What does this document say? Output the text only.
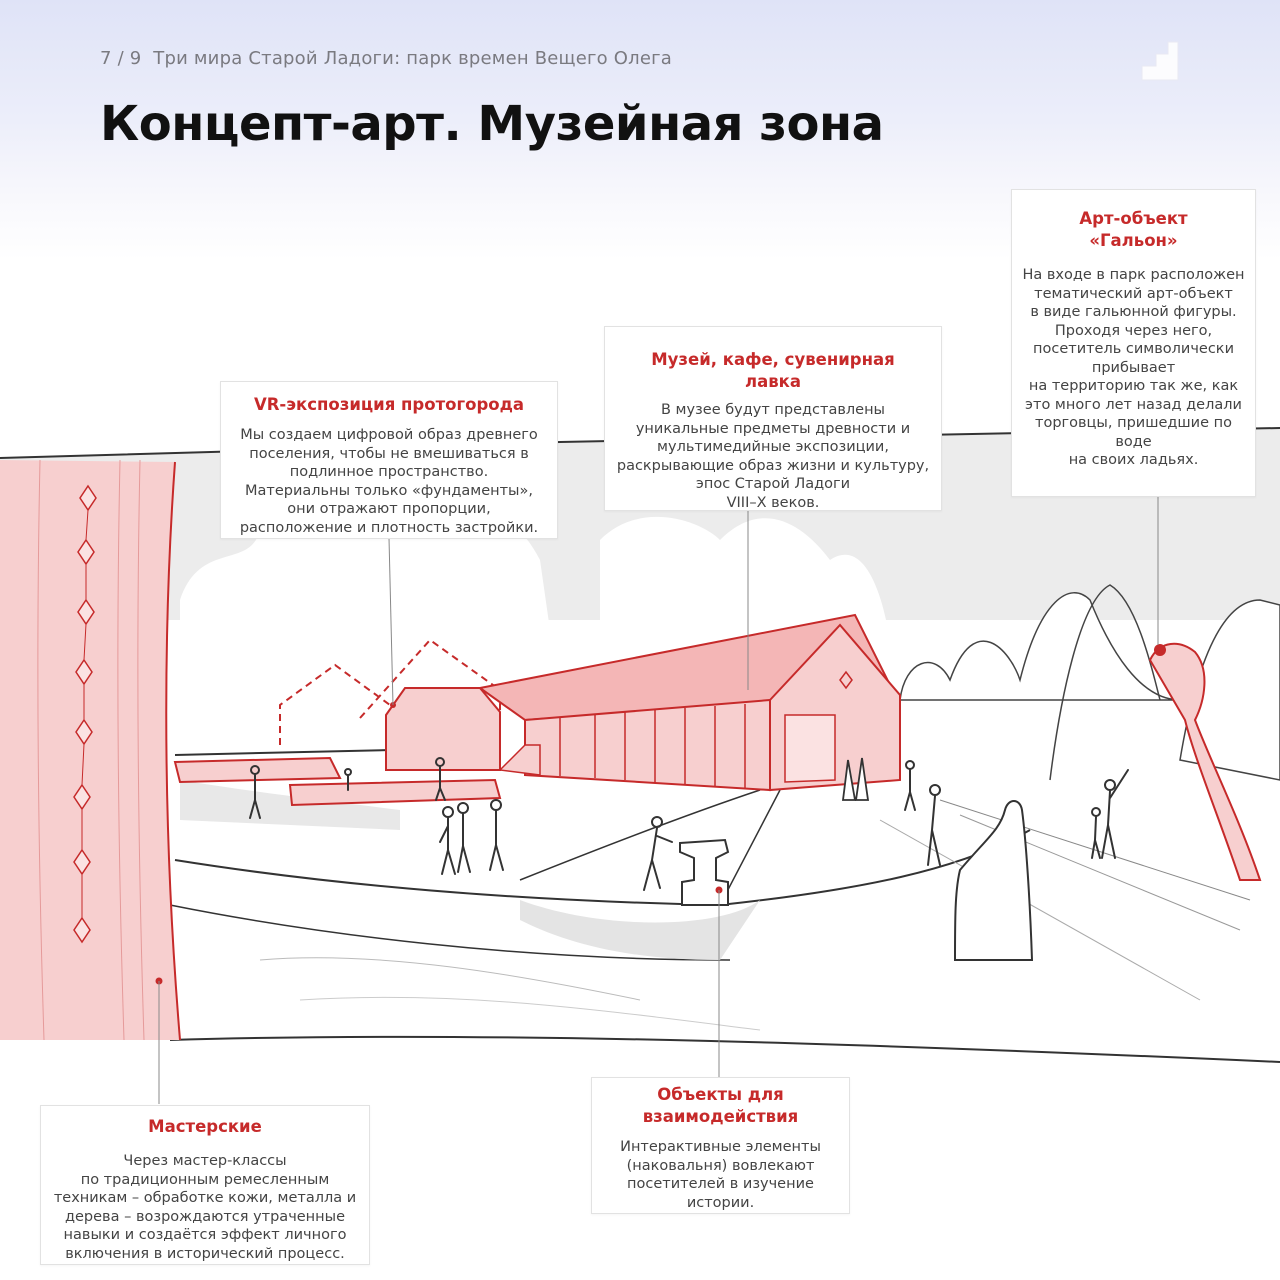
7 / 9 Три мира Старой Ладоги: парк времен Вещего Олега
Концепт-арт. Музейная зона
VR-экспозиция протогорода
Мы создаем цифровой образ древнего
поселения, чтобы не вмешиваться в
подлинное пространство.
Материальны только «фундаменты»,
они отражают пропорции,
расположение и плотность застройки.
Музей, кафе, сувенирная
лавка
В музее будут представлены
уникальные предметы древности и
мультимедийные экспозиции,
раскрывающие образ жизни и культуру,
эпос Старой Ладоги
VIII–X веков.
Арт-объект
«Гальон»
На входе в парк расположен
тематический арт-объект
в виде гальюнной фигуры.
Проходя через него,
посетитель символически
прибывает
на территорию так же, как
это много лет назад делали
торговцы, пришедшие по
воде
на своих ладьях.
Мастерские
Через мастер-классы
по традиционным ремесленным
техникам – обработке кожи, металла и
дерева – возрождаются утраченные
навыки и создаётся эффект личного
включения в исторический процесс.
Объекты для
взаимодействия
Интерактивные элементы
(наковальня) вовлекают
посетителей в изучение
истории.
